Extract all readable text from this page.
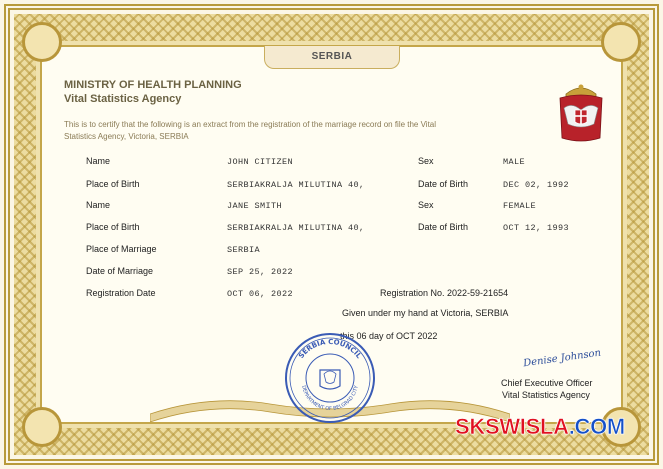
SERBIA
MINISTRY OF HEALTH PLANNING
Vital Statistics Agency
This is to certify that the following is an extract from the registration of the marriage record on file the Vital Statistics Agency, Victoria, SERBIA
Name	JOHN CITIZEN	Sex	MALE
Place of Birth	SERBIAKRALJA MILUTINA 40,	Date of Birth	DEC 02, 1992
Name	JANE SMITH	Sex	FEMALE
Place of Birth	SERBIAKRALJA MILUTINA 40,	Date of Birth	OCT 12, 1993
Place of Marriage	SERBIA
Date of Marriage	SEP 25, 2022
Registration Date	OCT 06, 2022	Registration No. 2022-59-21654
Given under my hand at Victoria, SERBIA
this 06 day of OCT 2022
SERBIA COUNCIL
DEPARTMENT OF BELGRAD CITY
Denise Johnson
Chief Executive Officer
Vital Statistics Agency
SKSWISLA.COM
